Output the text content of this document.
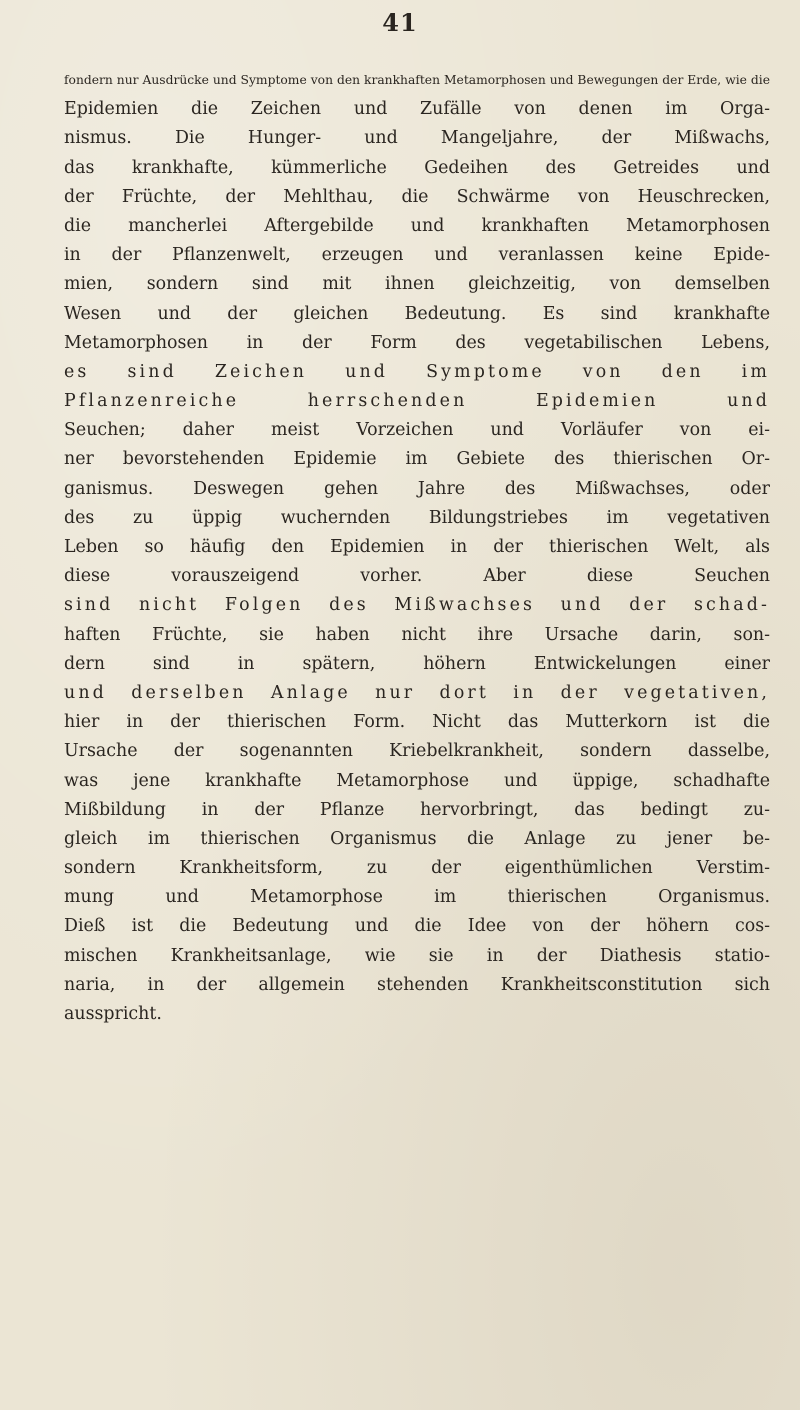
41
fondern nur Ausdrücke und Symptome von den krankhaften Metamorphosen und Bewegungen der Erde, wie die
Epidemien die Zeichen und Zufälle von denen im Orga-
nismus. Die Hunger- und Mangeljahre, der Mißwachs,
das krankhafte, kümmerliche Gedeihen des Getreides und
der Früchte, der Mehlthau, die Schwärme von Heuschrecken,
die mancherlei Aftergebilde und krankhaften Metamorphosen
in der Pflanzenwelt, erzeugen und veranlassen keine Epide-
mien, sondern sind mit ihnen gleichzeitig, von demselben
Wesen und der gleichen Bedeutung. Es sind krankhafte
Metamorphosen in der Form des vegetabilischen Lebens,
es sind Zeichen und Symptome von den im
Pflanzenreiche herrschenden Epidemien und
Seuchen; daher meist Vorzeichen und Vorläufer von ei-
ner bevorstehenden Epidemie im Gebiete des thierischen Or-
ganismus. Deswegen gehen Jahre des Mißwachses, oder
des zu üppig wuchernden Bildungstriebes im vegetativen
Leben so häufig den Epidemien in der thierischen Welt, als
diese vorauszeigend vorher. Aber diese Seuchen
sind nicht Folgen des Mißwachses und der schad-
haften Früchte, sie haben nicht ihre Ursache darin, son-
dern sind in spätern, höhern Entwickelungen einer
und derselben Anlage nur dort in der vegetativen,
hier in der thierischen Form. Nicht das Mutterkorn ist die
Ursache der sogenannten Kriebelkrankheit, sondern dasselbe,
was jene krankhafte Metamorphose und üppige, schadhafte
Mißbildung in der Pflanze hervorbringt, das bedingt zu-
gleich im thierischen Organismus die Anlage zu jener be-
sondern Krankheitsform, zu der eigenthümlichen Verstim-
mung und Metamorphose im thierischen Organismus.
Dieß ist die Bedeutung und die Idee von der höhern cos-
mischen Krankheitsanlage, wie sie in der Diathesis statio-
naria, in der allgemein stehenden Krankheitsconstitution sich
ausspricht.
